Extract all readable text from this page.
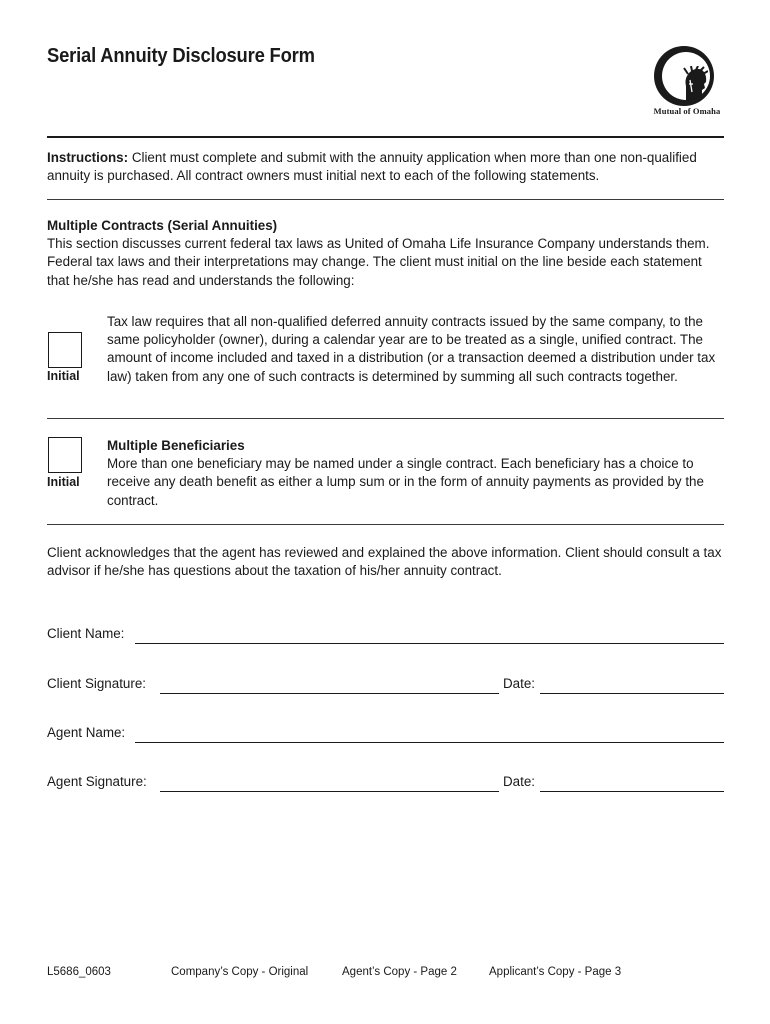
Serial Annuity Disclosure Form
Mutual of Omaha
Instructions: Client must complete and submit with the annuity application when more than one non-qualified annuity is purchased. All contract owners must initial next to each of the following statements.
Multiple Contracts (Serial Annuities)
This section discusses current federal tax laws as United of Omaha Life Insurance Company understands them. Federal tax laws and their interpretations may change. The client must initial on the line beside each statement that he/she has read and understands the following:
Initial
Tax law requires that all non-qualified deferred annuity contracts issued by the same company, to the same policyholder (owner), during a calendar year are to be treated as a single, unified contract. The amount of income included and taxed in a distribution (or a transaction deemed a distribution under tax law) taken from any one of such contracts is determined by summing all such contracts together.
Initial
Multiple Beneficiaries
More than one beneficiary may be named under a single contract. Each beneficiary has a choice to receive any death benefit as either a lump sum or in the form of annuity payments as provided by the contract.
Client acknowledges that the agent has reviewed and explained the above information. Client should consult a tax advisor if he/she has questions about the taxation of his/her annuity contract.
Client Name:
Client Signature:	Date:
Agent Name:
Agent Signature:	Date:
L5686_0603	Company’s Copy - Original	Agent’s Copy - Page 2	Applicant’s Copy - Page 3
